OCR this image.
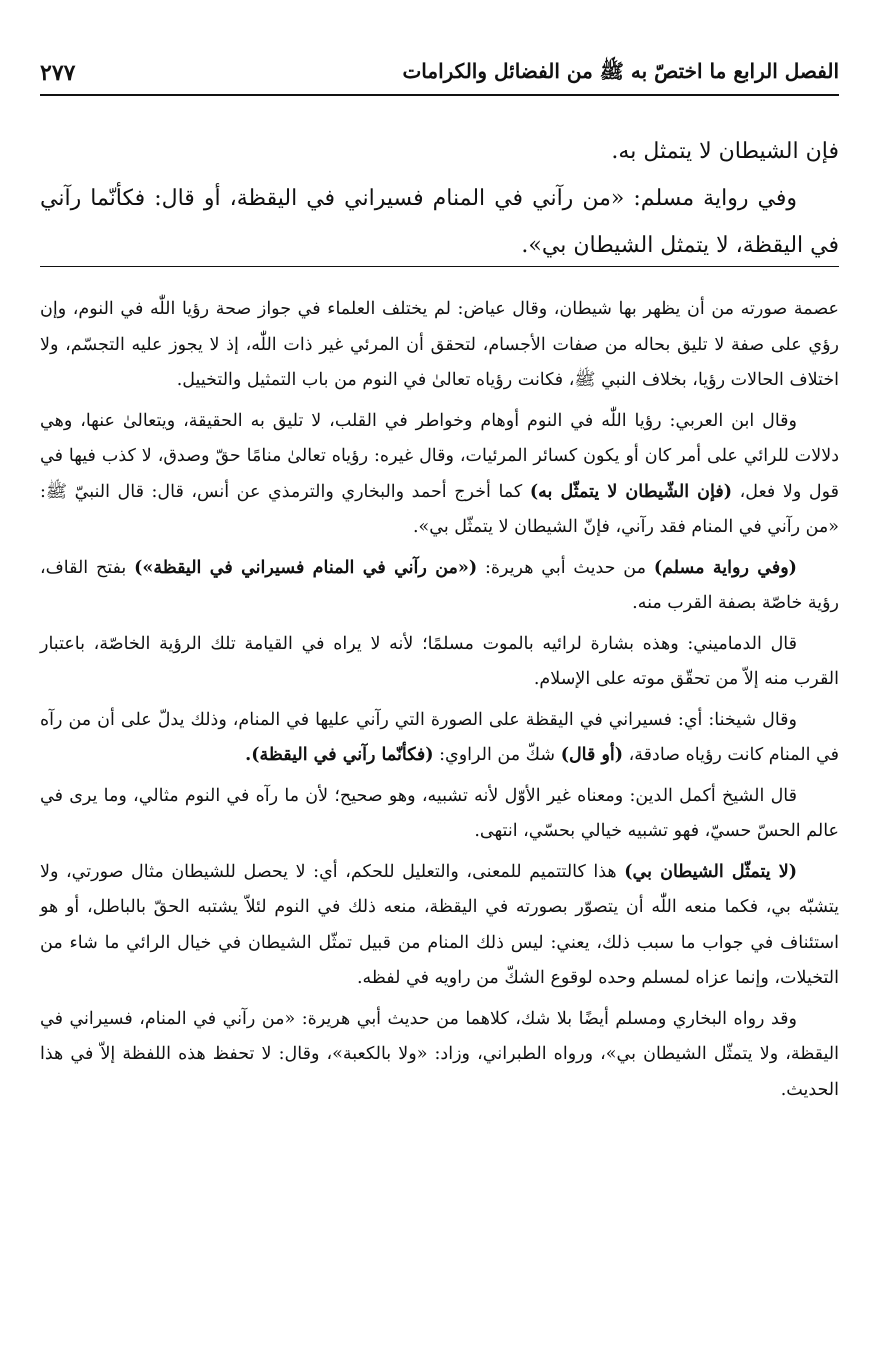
الفصل الرابع ما اختصّ به ﷺ من الفضائل والكرامات
٢٧٧

فإن الشيطان لا يتمثل به.

وفي رواية مسلم: «من رآني في المنام فسيراني في اليقظة، أو قال: فكأنّما رآني في اليقظة، لا يتمثل الشيطان بي».

عصمة صورته من أن يظهر بها شيطان، وقال عياض: لم يختلف العلماء في جواز صحة رؤيا اللّٰه في النوم، وإن رؤي على صفة لا تليق بحاله من صفات الأجسام، لتحقق أن المرئي غير ذات اللّٰه، إذ لا يجوز عليه التجسّم، ولا اختلاف الحالات رؤيا، بخلاف النبي ﷺ، فكانت رؤياه تعالىٰ في النوم من باب التمثيل والتخييل.

وقال ابن العربي: رؤيا اللّٰه في النوم أوهام وخواطر في القلب، لا تليق به الحقيقة، ويتعالىٰ عنها، وهي دلالات للرائي على أمر كان أو يكون كسائر المرئيات، وقال غيره: رؤياه تعالىٰ منامًا حقّ وصدق، لا كذب فيها في قول ولا فعل، (فإن الشّيطان لا يتمثّل به) كما أخرج أحمد والبخاري والترمذي عن أنس، قال: قال النبيّ ﷺ: «من رآني في المنام فقد رآني، فإنّ الشيطان لا يتمثّل بي».

(وفي رواية مسلم) من حديث أبي هريرة: («من رآني في المنام فسيراني في اليقظة») بفتح القاف، رؤية خاصّة بصفة القرب منه.

قال الدماميني: وهذه بشارة لرائيه بالموت مسلمًا؛ لأنه لا يراه في القيامة تلك الرؤية الخاصّة، باعتبار القرب منه إلاّ من تحقّق موته على الإسلام.

وقال شيخنا: أي: فسيراني في اليقظة على الصورة التي رآني عليها في المنام، وذلك يدلّ على أن من رآه في المنام كانت رؤياه صادقة، (أو قال) شكّ من الراوي: (فكأنّما رآني في اليقظة).

قال الشيخ أكمل الدين: ومعناه غير الأوّل لأنه تشبيه، وهو صحيح؛ لأن ما رآه في النوم مثالي، وما يرى في عالم الحسّ حسيّ، فهو تشبيه خيالي بحسّي، انتهى.

(لا يتمثّل الشيطان بي) هذا كالتتميم للمعنى، والتعليل للحكم، أي: لا يحصل للشيطان مثال صورتي، ولا يتشبّه بي، فكما منعه اللّٰه أن يتصوّر بصورته في اليقظة، منعه ذلك في النوم لئلاّ يشتبه الحقّ بالباطل، أو هو استئناف في جواب ما سبب ذلك، يعني: ليس ذلك المنام من قبيل تمثّل الشيطان في خيال الرائي ما شاء من التخيلات، وإنما عزاه لمسلم وحده لوقوع الشكّ من راويه في لفظه.

وقد رواه البخاري ومسلم أيضًا بلا شك، كلاهما من حديث أبي هريرة: «من رآني في المنام، فسيراني في اليقظة، ولا يتمثّل الشيطان بي»، ورواه الطبراني، وزاد: «ولا بالكعبة»، وقال: لا تحفظ هذه اللفظة إلاّ في هذا الحديث.
